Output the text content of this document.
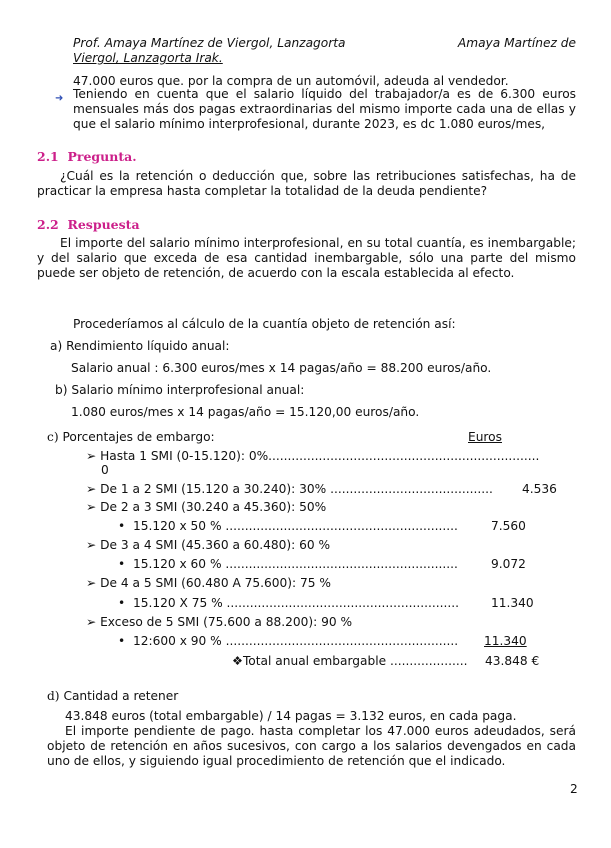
Prof. Amaya Martínez de Viergol, Lanzagorta	Amaya Martínez de
Viergol, Lanzagorta Irak.
47.000 euros que. por la compra de un automóvil, adeuda al vendedor.
➜ Teniendo en cuenta que el salario líquido del trabajador/a es de 6.300 euros mensuales más dos pagas extraordinarias del mismo importe cada una de ellas y que el salario mínimo interprofesional, durante 2023, es dc 1.080 euros/mes,
2.1 Pregunta.
¿Cuál es la retención o deducción que, sobre las retribuciones satisfechas, ha de practicar la empresa hasta completar la totalidad de la deuda pendiente?
2.2 Respuesta
El importe del salario mínimo interprofesional, en su total cuantía, es inembargable; y del salario que exceda de esa cantidad inembargable, sólo una parte del mismo puede ser objeto de retención, de acuerdo con la escala establecida al efecto.
Procederíamos al cálculo de la cuantía objeto de retención así:
a) Rendimiento líquido anual:
Salario anual : 6.300 euros/mes x 14 pagas/año = 88.200 euros/año.
b) Salario mínimo interprofesional anual:
1.080 euros/mes x 14 pagas/año = 15.120,00 euros/año.
c) Porcentajes de embargo:	Euros
➢ Hasta 1 SMI (0-15.120): 0%......................................................................
0
➢ De 1 a 2 SMI (15.120 a 30.240): 30% .......................................... 4.536
➢ De 2 a 3 SMI (30.240 a 45.360): 50%
• 15.120 x 50 % ............................................................	7.560
➢ De 3 a 4 SMI (45.360 a 60.480): 60 %
• 15.120 x 60 % ............................................................	9.072
➢ De 4 a 5 SMI (60.480 A 75.600): 75 %
• 15.120 X 75 % ............................................................	11.340
➢ Exceso de 5 SMI (75.600 a 88.200): 90 %
• 12:600 x 90 % ............................................................ 11.340
❖Total anual embargable .................... 43.848 €
d) Cantidad a retener
43.848 euros (total embargable) / 14 pagas = 3.132 euros, en cada paga.
El importe pendiente de pago. hasta completar los 47.000 euros adeudados, será objeto de retención en años sucesivos, con cargo a los salarios devengados en cada uno de ellos, y siguiendo igual procedimiento de retención que el indicado.
2
